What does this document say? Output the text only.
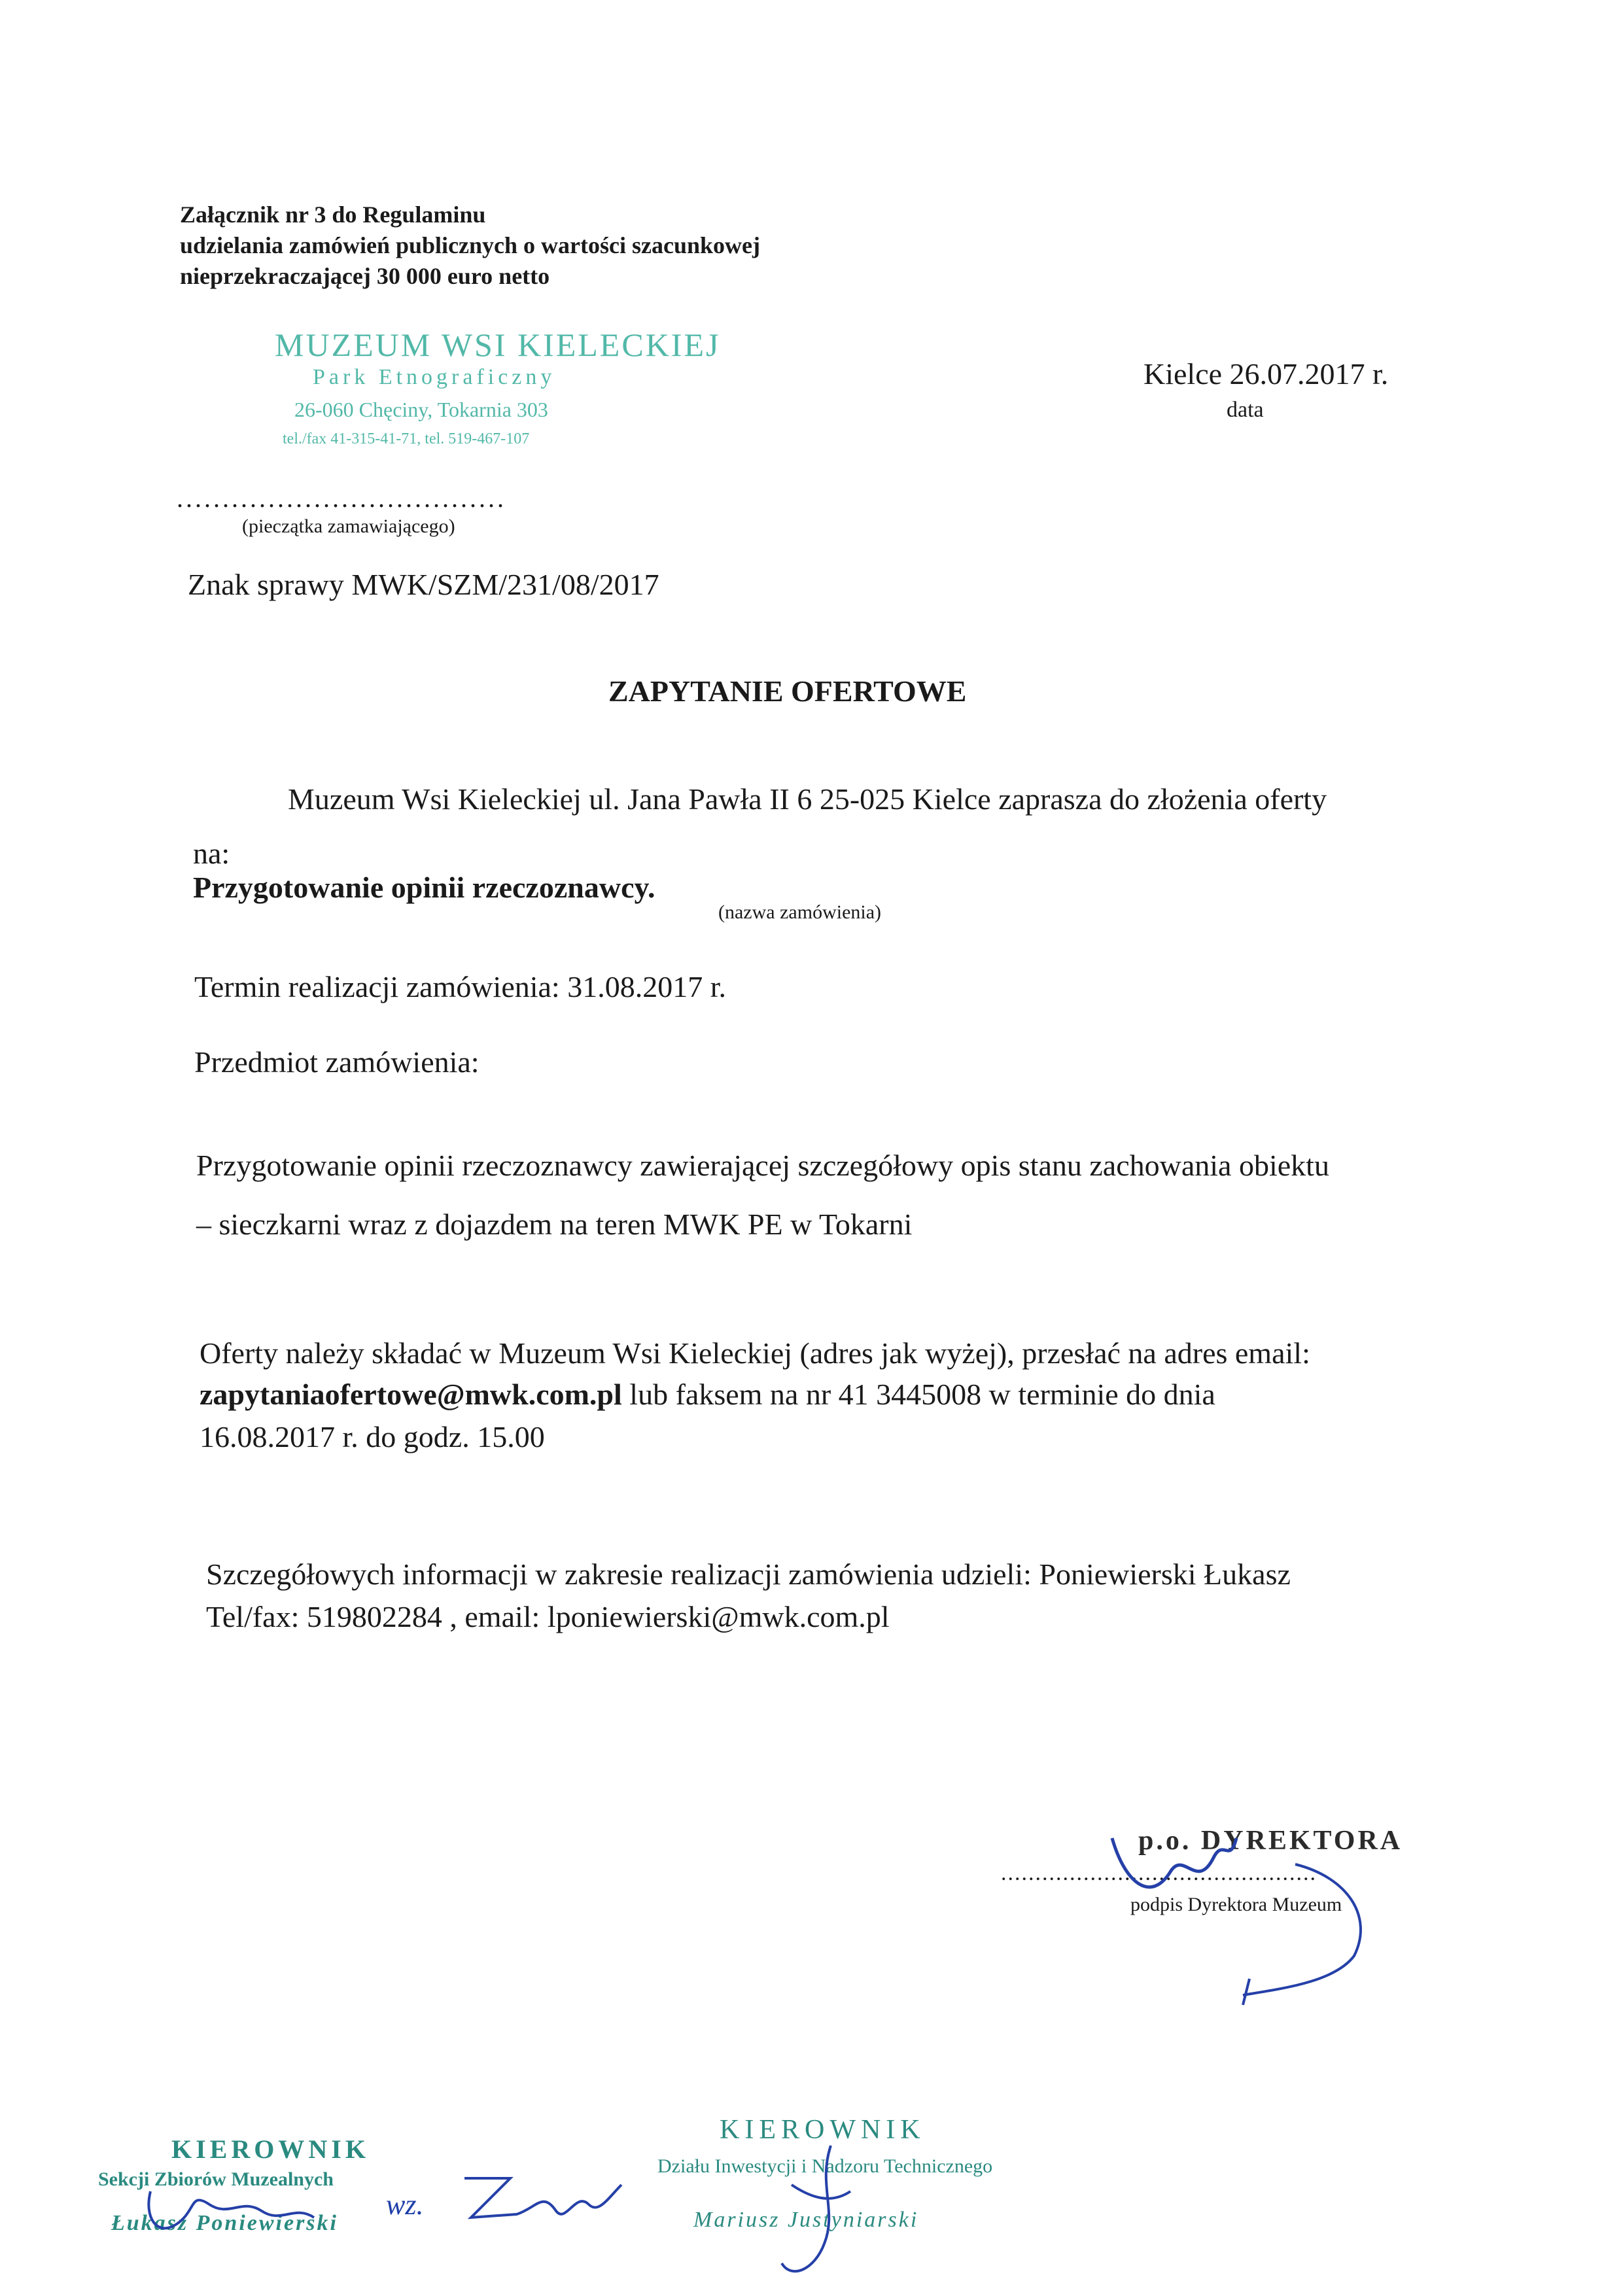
Załącznik nr 3 do Regulaminu
udzielania zamówień publicznych o wartości szacunkowej
nieprzekraczającej 30 000 euro netto
MUZEUM WSI KIELECKIEJ
Park Etnograficzny
26-060 Chęciny, Tokarnia 303
tel./fax 41-315-41-71, tel. 519-467-107
....................................
(pieczątka zamawiającego)
Kielce 26.07.2017 r.
data
Znak sprawy MWK/SZM/231/08/2017
ZAPYTANIE OFERTOWE
Muzeum Wsi Kieleckiej ul. Jana Pawła II 6 25-025 Kielce zaprasza do złożenia oferty
na:
Przygotowanie opinii rzeczoznawcy.
(nazwa zamówienia)
Termin realizacji zamówienia: 31.08.2017 r.
Przedmiot zamówienia:
Przygotowanie opinii rzeczoznawcy zawierającej szczegółowy opis stanu zachowania obiektu
– sieczkarni wraz z dojazdem na teren MWK PE w Tokarni
Oferty należy składać w Muzeum Wsi Kieleckiej (adres jak wyżej), przesłać na adres email:
zapytaniaofertowe@mwk.com.pl lub faksem na nr 41 3445008 w terminie do dnia
16.08.2017 r. do godz. 15.00
Szczegółowych informacji w zakresie realizacji zamówienia udzieli: Poniewierski Łukasz
Tel/fax: 519802284 , email: lponiewierski@mwk.com.pl
p.o. DYREKTORA
..............................................
podpis Dyrektora Muzeum
KIEROWNIK
Sekcji Zbiorów Muzealnych
Łukasz Poniewierski
wz.
KIEROWNIK
Działu Inwestycji i Nadzoru Technicznego
Mariusz Justyniarski
